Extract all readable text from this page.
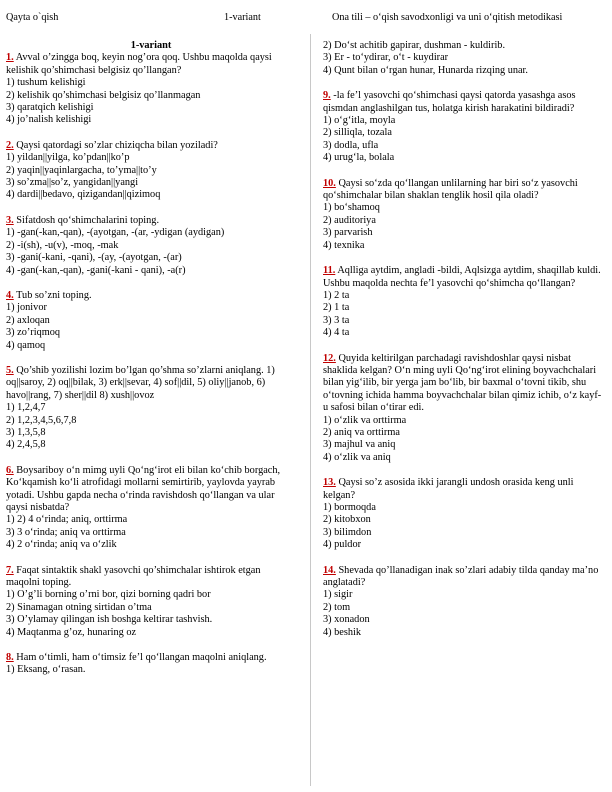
Qayta o`qish	1-variant	Ona tili – o‘qish savodxonligi va uni o‘qitish metodikasi

1-variant

1. Avval o’zingga boq, keyin nog’ora qoq. Ushbu maqolda qaysi kelishik qo’shimchasi belgisiz qo’llangan?

1) tushum kelishigi

2) kelishik qo’shimchasi belgisiz qo’llanmagan

3) qaratqich kelishigi

4) jo’nalish kelishigi

2. Qaysi qatordagi so’zlar chiziqcha bilan yoziladi?

1) yildan||yilga, ko’pdan||ko’p

2) yaqin||yaqinlargacha, to’yma||to’y

3) so’zma||so’z, yangidan||yangi

4) dardi||bedavo, qizigandan||qizimoq

3. Sifatdosh qo‘shimchalarini toping.

1) -gan(-kan,-qan), -(ayotgan, -(ar, -ydigan (aydigan)

2) -i(sh), -u(v), -moq, -mak

3) -gani(-kani, -qani), -(ay, -(ayotgan, -(ar)

4) -gan(-kan,-qan), -gani(-kani - qani), -a(r)

4. Tub so’zni toping.

1) jonivor

2) axloqan

3) zo’riqmoq

4) qamoq

5. Qo’shib yozilishi lozim bo’lgan qo’shma so’zlarni aniqlang. 1) oq||saroy, 2) oq||bilak, 3) erk||sevar, 4) sof||dil, 5) oliy||janob, 6) havo||rang, 7) sher||dil 8) xush||ovoz

1) 1,2,4,7

2) 1,2,3,4,5,6,7,8

3) 1,3,5,8

4) 2,4,5,8

6. Boysariboy o‘n mimg uyli Qo‘ng‘irot eli bilan ko‘chib borgach, Ko‘kqamish ko‘li atrofidagi mollarni semirtirib, yaylovda yayrab yotadi. Ushbu gapda necha o‘rinda ravishdosh qo‘llangan va ular qaysi nisbatda?

1) 2) 4 o‘rinda; aniq, orttirma

3) 3 o‘rinda; aniq va orttirma

4) 2 o‘rinda; aniq va o‘zlik

7. Faqat sintaktik shakl yasovchi qo’shimchalar ishtirok etgan maqolni toping.

1) O’g’li borning o’rni bor, qizi borning qadri bor

2) Sinamagan otning sirtidan o’tma

3) O’ylamay qilingan ish boshga keltirar tashvish.

4) Maqtanma g’oz, hunaring oz

8. Ham o‘timli, ham o‘timsiz fe’l qo‘llangan maqolni aniqlang.

1) Eksang, o‘rasan.

2) Do‘st achitib gapirar, dushman - kuldirib.

3) Er - to‘ydirar, o‘t - kuydirar

4) Qunt bilan o‘rgan hunar, Hunarda rizqing unar.

9. -la fe’l yasovchi qo‘shimchasi qaysi qatorda yasashga asos qismdan anglashilgan tus, holatga kirish harakatini bildiradi?

1) o‘g‘itla, moyla

2) silliqla, tozala

3) dodla, ufla

4) urug‘la, bolala

10. Qaysi so‘zda qo‘llangan unlilarning har biri so‘z yasovchi qo‘shimchalar bilan shaklan tenglik hosil qila oladi?

1) bo‘shamoq

2) auditoriya

3) parvarish

4) texnika

11. Aqlliga aytdim, angladi -bildi, Aqlsizga aytdim, shaqillab kuldi. Ushbu maqolda nechta fe’l yasovchi qo‘shimcha qo‘llangan?

1) 2 ta

2) 1 ta

3) 3 ta

4) 4 ta

12. Quyida keltirilgan parchadagi ravishdoshlar qaysi nisbat shaklida kelgan? O‘n ming uyli Qo‘ng‘irot elining boyvachchalari bilan yig‘ilib, bir yerga jam bo‘lib, bir baxmal o‘tovni tikib, shu o‘tovning ichida hamma boyvachchalar bilan qimiz ichib, o‘z kayf-u safosi bilan o‘tirar edi.

1) o‘zlik va orttirma

2) aniq va orttirma

3) majhul va aniq

4) o‘zlik va aniq

13. Qaysi so’z asosida ikki jarangli undosh orasida keng unli kelgan?

1) bormoqda

2) kitobxon

3) bilimdon

4) puldor

14. Shevada qo’llanadigan inak so’zlari adabiy tilda qanday ma’no anglatadi?

1) sigir

2) tom

3) xonadon

4) beshik
